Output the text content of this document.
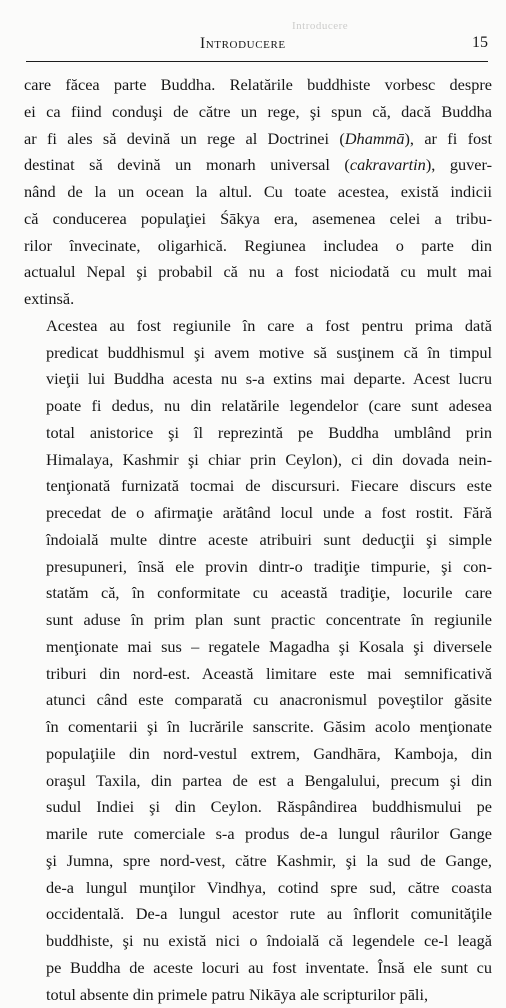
Introducere
Introducere	15
care făcea parte Buddha. Relatările buddhiste vorbesc despre
ei ca fiind conduşi de către un rege, şi spun că, dacă Buddha
ar fi ales să devină un rege al Doctrinei (Dhammā), ar fi fost
destinat să devină un monarh universal (cakravartin), guver-
nând de la un ocean la altul. Cu toate acestea, există indicii
că conducerea populaţiei Śākya era, asemenea celei a tribu-
rilor învecinate, oligarhică. Regiunea includea o parte din
actualul Nepal şi probabil că nu a fost niciodată cu mult mai
extinsă.
Acestea au fost regiunile în care a fost pentru prima dată
predicat buddhismul şi avem motive să susţinem că în timpul
vieţii lui Buddha acesta nu s-a extins mai departe. Acest lucru
poate fi dedus, nu din relatările legendelor (care sunt adesea
total anistorice şi îl reprezintă pe Buddha umblând prin
Himalaya, Kashmir şi chiar prin Ceylon), ci din dovada nein-
tenţionată furnizată tocmai de discursuri. Fiecare discurs este
precedat de o afirmaţie arătând locul unde a fost rostit. Fără
îndoială multe dintre aceste atribuiri sunt deducţii şi simple
presupuneri, însă ele provin dintr-o tradiţie timpurie, şi con-
statăm că, în conformitate cu această tradiţie, locurile care
sunt aduse în prim plan sunt practic concentrate în regiunile
menţionate mai sus – regatele Magadha şi Kosala şi diversele
triburi din nord-est. Această limitare este mai semnificativă
atunci când este comparată cu anacronismul poveştilor găsite
în comentarii şi în lucrările sanscrite. Găsim acolo menţionate
populaţiile din nord-vestul extrem, Gandhāra, Kamboja, din
oraşul Taxila, din partea de est a Bengalului, precum şi din
sudul Indiei şi din Ceylon. Răspândirea buddhismului pe
marile rute comerciale s-a produs de-a lungul râurilor Gange
şi Jumna, spre nord-vest, către Kashmir, şi la sud de Gange,
de-a lungul munţilor Vindhya, cotind spre sud, către coasta
occidentală. De-a lungul acestor rute au înflorit comunităţile
buddhiste, şi nu există nici o îndoială că legendele ce-l leagă
pe Buddha de aceste locuri au fost inventate. Însă ele sunt cu
totul absente din primele patru Nikāya ale scripturilor pāli,
